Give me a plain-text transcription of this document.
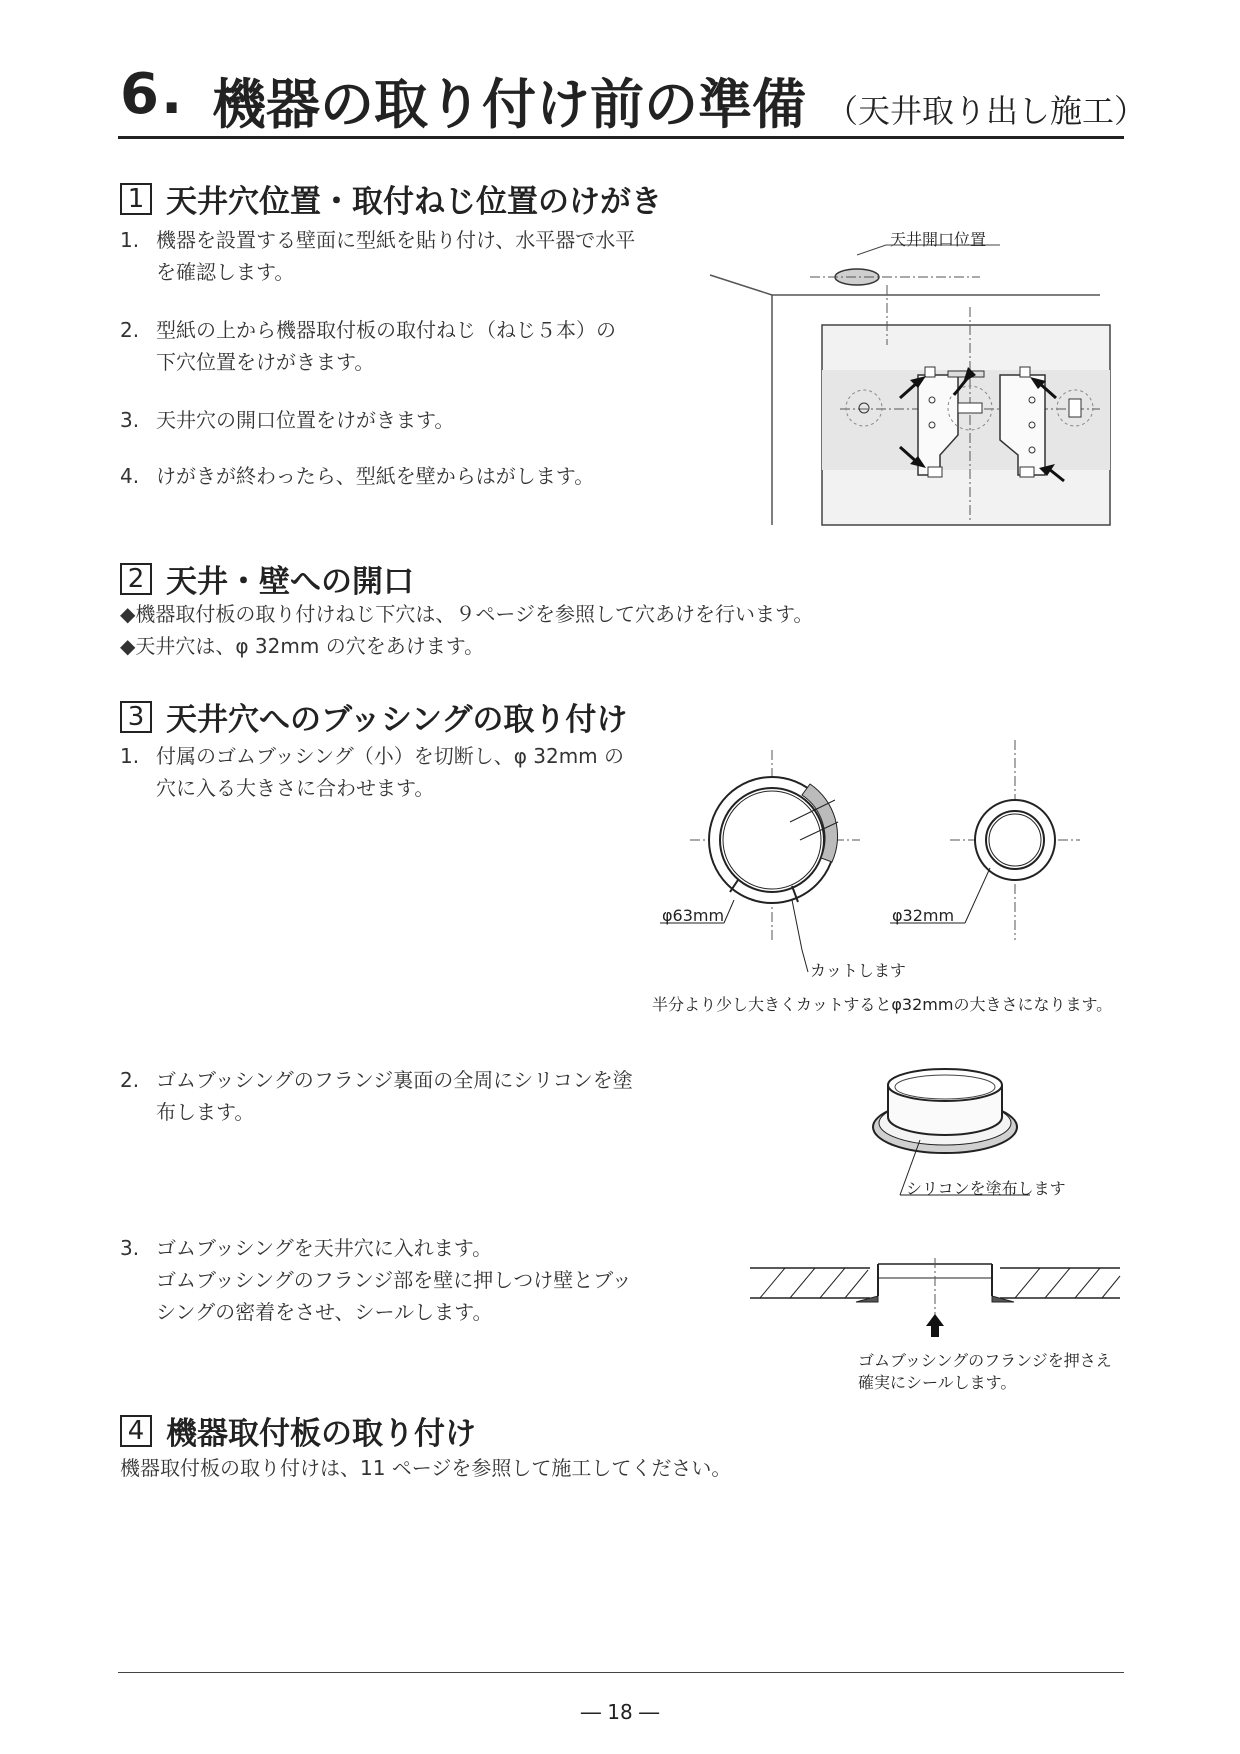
6. 機器の取り付け前の準備 （天井取り出し施工）
1 天井穴位置・取付ねじ位置のけがき
1. 機器を設置する壁面に型紙を貼り付け、水平器で水平
を確認します。
2. 型紙の上から機器取付板の取付ねじ（ねじ５本）の
下穴位置をけがきます。
3. 天井穴の開口位置をけがきます。
4. けがきが終わったら、型紙を壁からはがします。
天井開口位置
2 天井・壁への開口
◆機器取付板の取り付けねじ下穴は、９ページを参照して穴あけを行います。
◆天井穴は、φ 32mm の穴をあけます。
3 天井穴へのブッシングの取り付け
1. 付属のゴムブッシング（小）を切断し、φ 32mm の
穴に入る大きさに合わせます。
φ63mm	φ32mm
カットします
半分より少し大きくカットするとφ32mmの大きさになります。
2. ゴムブッシングのフランジ裏面の全周にシリコンを塗
布します。
シリコンを塗布します
3. ゴムブッシングを天井穴に入れます。
ゴムブッシングのフランジ部を壁に押しつけ壁とブッ
シングの密着をさせ、シールします。
ゴムブッシングのフランジを押さえ
確実にシールします。
4 機器取付板の取り付け
機器取付板の取り付けは、11 ページを参照して施工してください。
― 18 ―
